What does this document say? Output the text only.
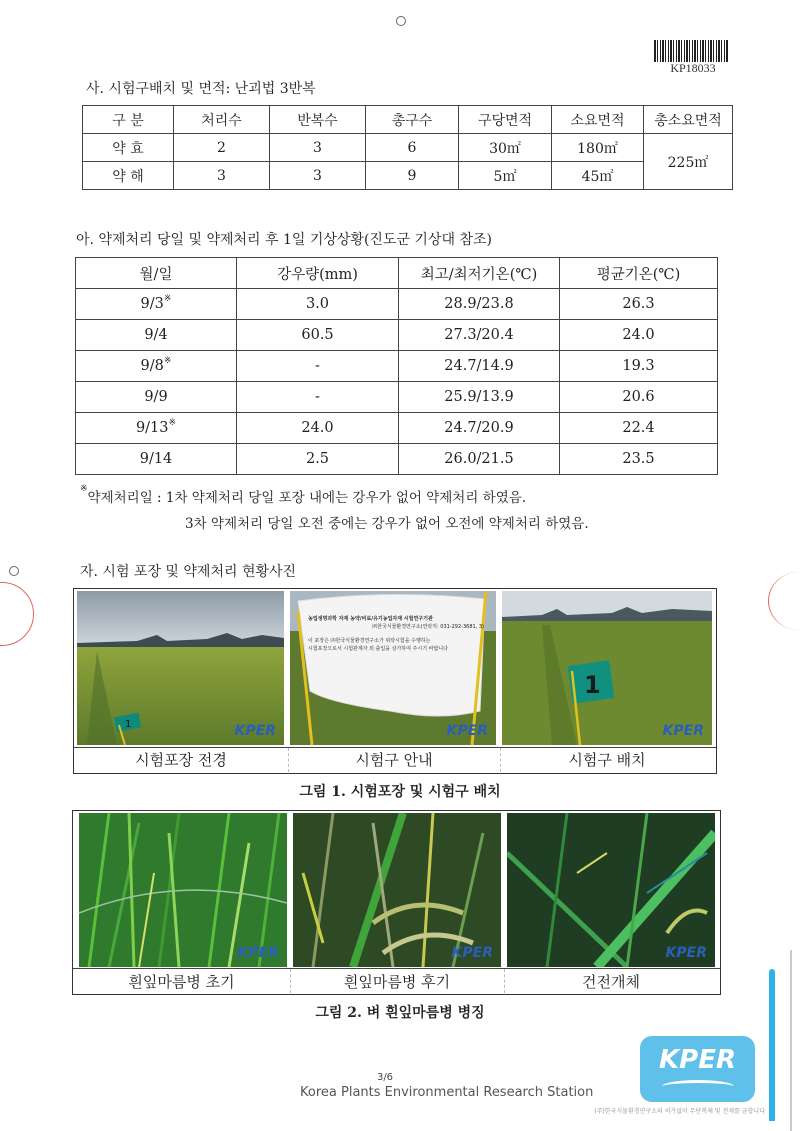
KP18033
사. 시험구배치 및 면적: 난괴법 3반복
구 분	처리수	반복수	총구수	구당면적	소요면적	총소요면적
약 효	2	3	6	30㎡	180㎡	225㎡
약 해	3	3	9	5㎡	45㎡	
아. 약제처리 당일 및 약제처리 후 1일 기상상황(진도군 기상대 참조)
월/일	강우량(mm)	최고/최저기온(℃)	평균기온(℃)
9/3※	3.0	28.9/23.8	26.3
9/4	60.5	27.3/20.4	24.0
9/8※	-	24.7/14.9	19.3
9/9	-	25.9/13.9	20.6
9/13※	24.0	24.7/20.9	22.4
9/14	2.5	26.0/21.5	23.5
※약제처리일 : 1차 약제처리 당일 포장 내에는 강우가 없어 약제처리 하였음.
3차 약제처리 당일 오전 중에는 강우가 없어 오전에 약제처리 하였음.
자. 시험 포장 및 약제처리 현황사진
1	KPER
농업생명과학 자재 농약/비료/유기농업자재 시험연구기관
㈜한국식물환경연구소(연락처: 031-292-3681, 3)
이 포장은 ㈜한국식물환경연구소가 위탁시험을 수행하는
시험포장으로서 시험관계자 외 출입을 삼가하여 주시기 바랍니다
KPER
1
KPER
시험포장 전경	시험구 안내	시험구 배치
그림 1. 시험포장 및 시험구 배치
KPER	KPER	KPER
흰잎마름병 초기	흰잎마름병 후기	건전개체
그림 2. 벼 흰잎마름병 병징
3/6
Korea Plants Environmental Research Station
KPER
(주)한국식물환경연구소의 허가없이 무단복제 및 전재를 금합니다
